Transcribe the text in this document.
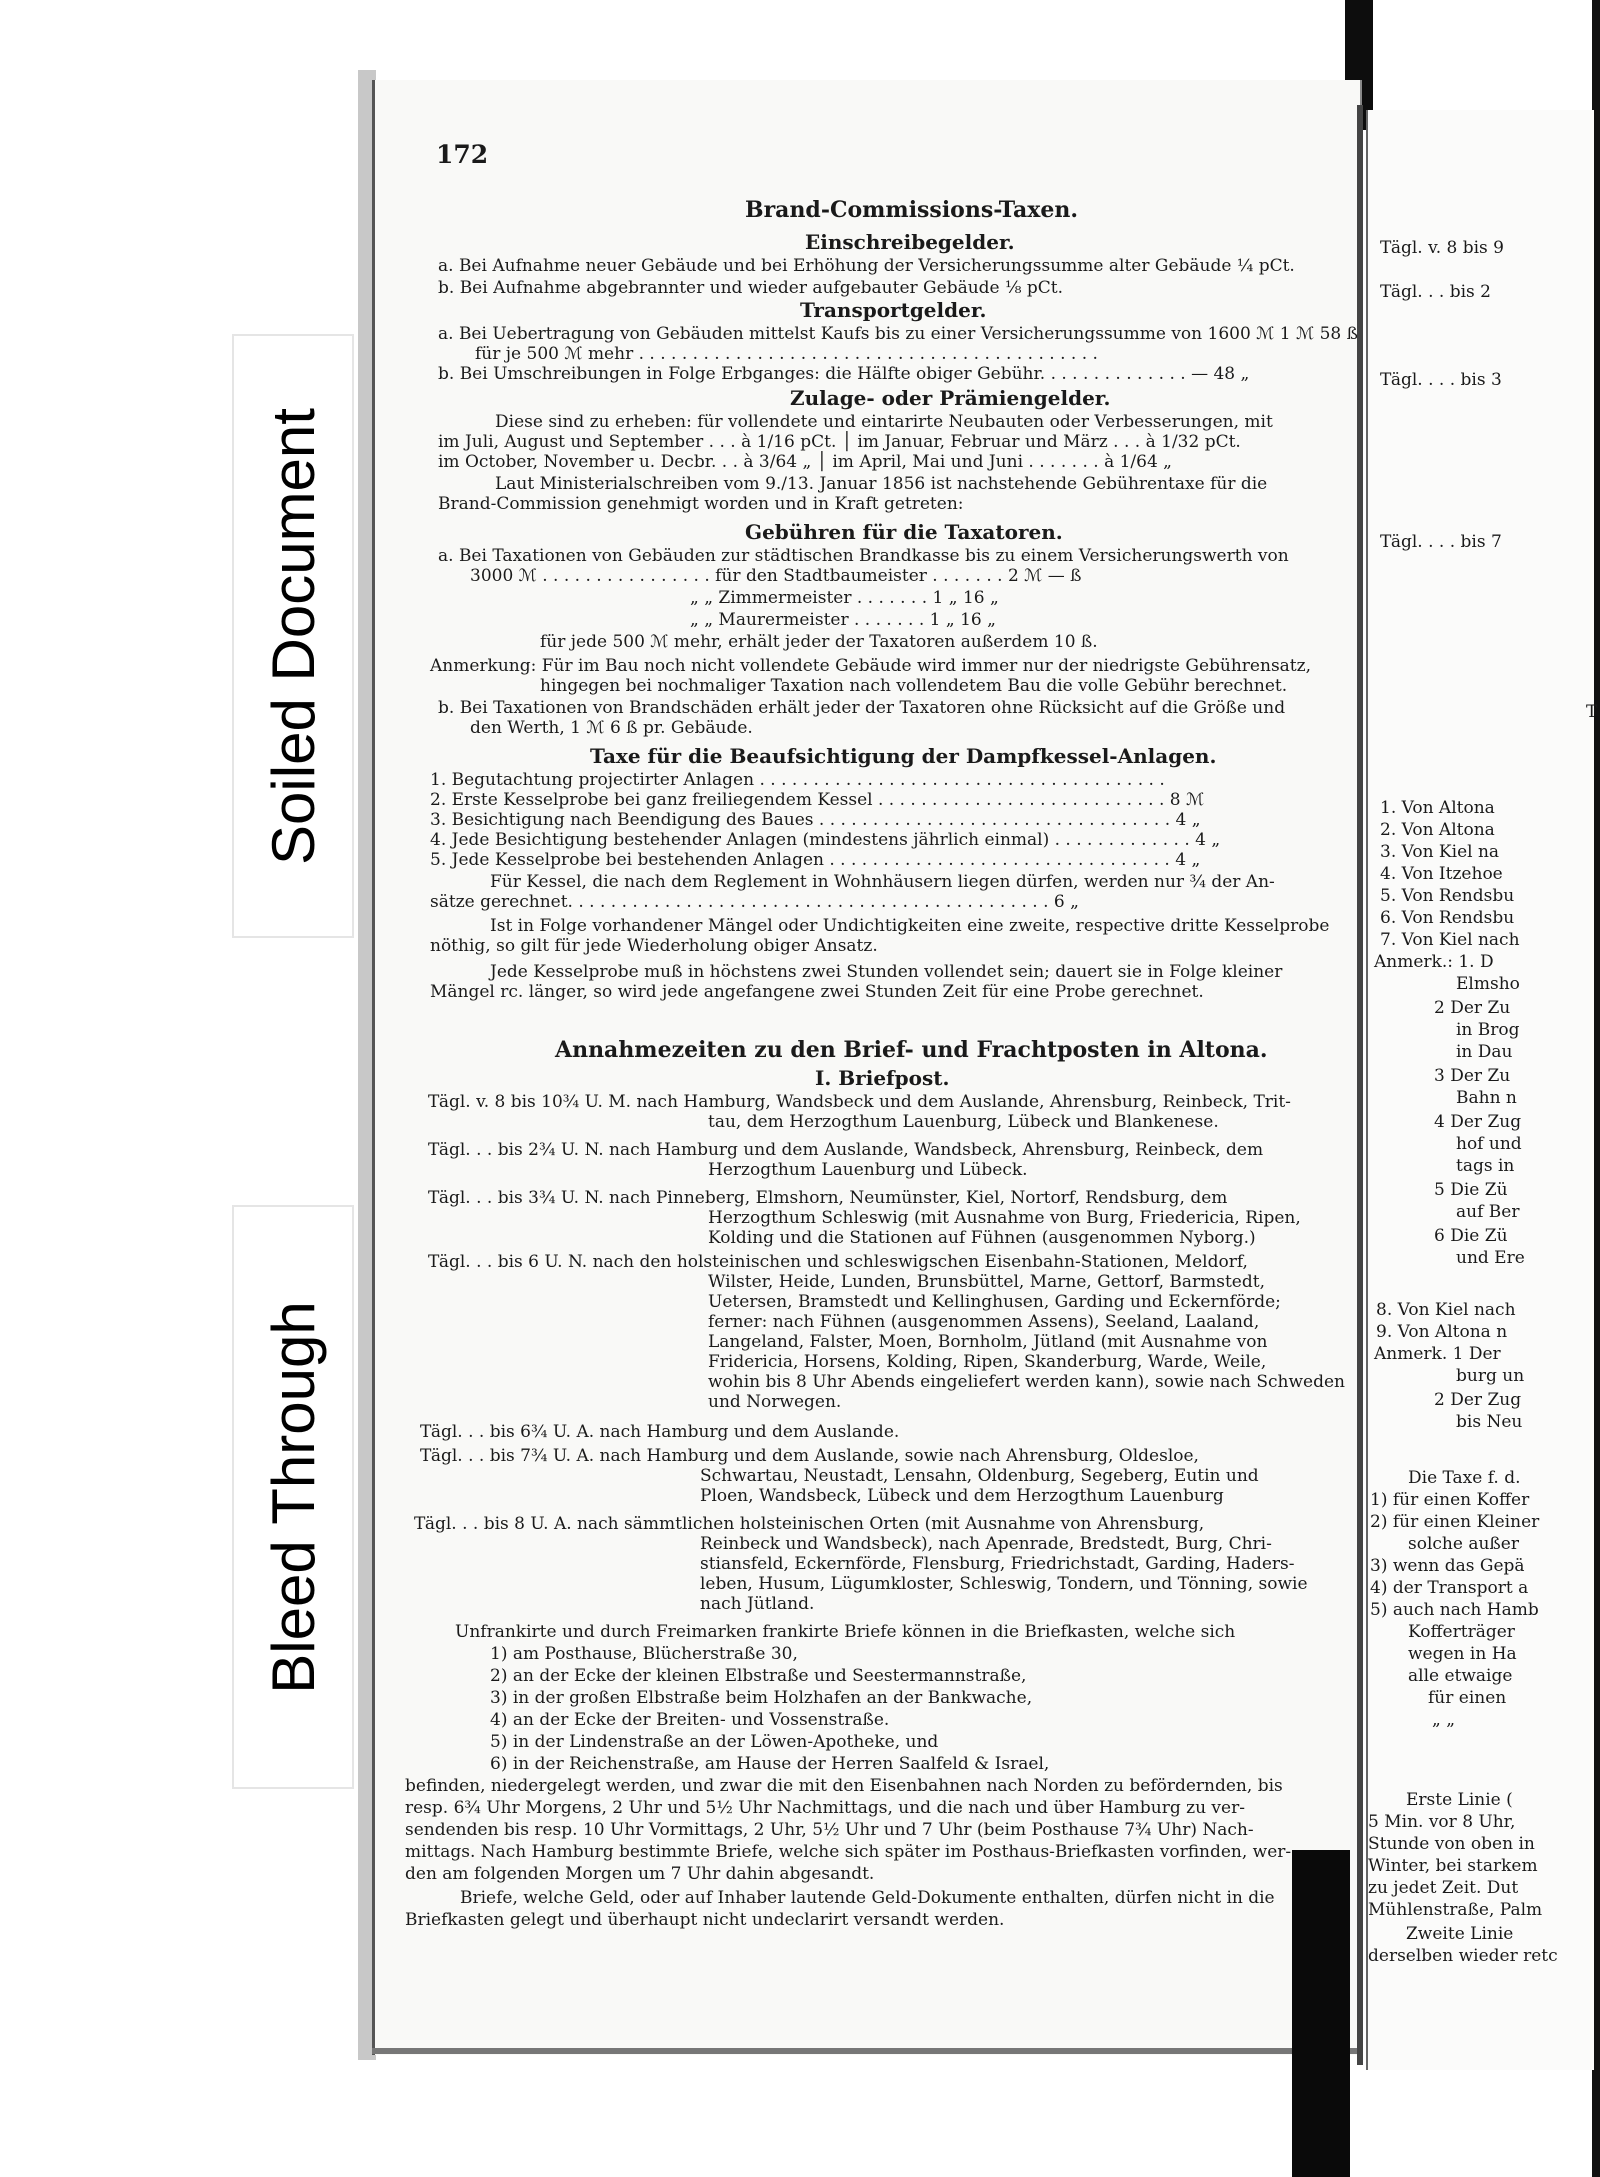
Soiled Document
Bleed Through
172
Brand-Commissions-Taxen.
Einschreibegelder.
a. Bei Aufnahme neuer Gebäude und bei Erhöhung der Versicherungssumme alter Gebäude ¼ pCt.
b. Bei Aufnahme abgebrannter und wieder aufgebauter Gebäude ⅛ pCt.
Transportgelder.
a. Bei Uebertragung von Gebäuden mittelst Kaufs bis zu einer Versicherungssumme von 1600 ℳ 1 ℳ 58 ß
für je 500 ℳ mehr . . . . . . . . . . . . . . . . . . . . . . . . . . . . . . . . . . . . . . . . . . .
b. Bei Umschreibungen in Folge Erbganges: die Hälfte obiger Gebühr. . . . . . . . . . . . . . — 48 „
Zulage- oder Prämiengelder.
Diese sind zu erheben: für vollendete und eintarirte Neubauten oder Verbesserungen, mit
im Juli, August und September . . . à 1/16 pCt. │ im Januar, Februar und März . . . à 1/32 pCt.
im October, November u. Decbr. . . à 3/64 „ │ im April, Mai und Juni . . . . . . . à 1/64 „
Laut Ministerialschreiben vom 9./13. Januar 1856 ist nachstehende Gebührentaxe für die
Brand-Commission genehmigt worden und in Kraft getreten:
Gebühren für die Taxatoren.
a. Bei Taxationen von Gebäuden zur städtischen Brandkasse bis zu einem Versicherungswerth von
3000 ℳ . . . . . . . . . . . . . . . . für den Stadtbaumeister . . . . . . . 2 ℳ — ß
„ „ Zimmermeister . . . . . . . 1 „ 16 „
„ „ Maurermeister . . . . . . . 1 „ 16 „
für jede 500 ℳ mehr, erhält jeder der Taxatoren außerdem 10 ß.
Anmerkung: Für im Bau noch nicht vollendete Gebäude wird immer nur der niedrigste Gebührensatz,
hingegen bei nochmaliger Taxation nach vollendetem Bau die volle Gebühr berechnet.
b. Bei Taxationen von Brandschäden erhält jeder der Taxatoren ohne Rücksicht auf die Größe und
den Werth, 1 ℳ 6 ß pr. Gebäude.
Taxe für die Beaufsichtigung der Dampfkessel-Anlagen.
1. Begutachtung projectirter Anlagen . . . . . . . . . . . . . . . . . . . . . . . . . . . . . . . . . . . . . .
2. Erste Kesselprobe bei ganz freiliegendem Kessel . . . . . . . . . . . . . . . . . . . . . . . . . . . 8 ℳ
3. Besichtigung nach Beendigung des Baues . . . . . . . . . . . . . . . . . . . . . . . . . . . . . . . . . 4 „
4. Jede Besichtigung bestehender Anlagen (mindestens jährlich einmal) . . . . . . . . . . . . . 4 „
5. Jede Kesselprobe bei bestehenden Anlagen . . . . . . . . . . . . . . . . . . . . . . . . . . . . . . . . 4 „
Für Kessel, die nach dem Reglement in Wohnhäusern liegen dürfen, werden nur ¾ der An-
sätze gerechnet. . . . . . . . . . . . . . . . . . . . . . . . . . . . . . . . . . . . . . . . . . . . . 6 „
Ist in Folge vorhandener Mängel oder Undichtigkeiten eine zweite, respective dritte Kesselprobe
nöthig, so gilt für jede Wiederholung obiger Ansatz.
Jede Kesselprobe muß in höchstens zwei Stunden vollendet sein; dauert sie in Folge kleiner
Mängel rc. länger, so wird jede angefangene zwei Stunden Zeit für eine Probe gerechnet.
Annahmezeiten zu den Brief- und Frachtposten in Altona.
I. Briefpost.
Tägl. v. 8 bis 10¾ U. M. nach Hamburg, Wandsbeck und dem Auslande, Ahrensburg, Reinbeck, Trit-
tau, dem Herzogthum Lauenburg, Lübeck und Blankenese.
Tägl. . . bis 2¾ U. N. nach Hamburg und dem Auslande, Wandsbeck, Ahrensburg, Reinbeck, dem
Herzogthum Lauenburg und Lübeck.
Tägl. . . bis 3¾ U. N. nach Pinneberg, Elmshorn, Neumünster, Kiel, Nortorf, Rendsburg, dem
Herzogthum Schleswig (mit Ausnahme von Burg, Friedericia, Ripen,
Kolding und die Stationen auf Fühnen (ausgenommen Nyborg.)
Tägl. . . bis 6 U. N. nach den holsteinischen und schleswigschen Eisenbahn-Stationen, Meldorf,
Wilster, Heide, Lunden, Brunsbüttel, Marne, Gettorf, Barmstedt,
Uetersen, Bramstedt und Kellinghusen, Garding und Eckernförde;
ferner: nach Fühnen (ausgenommen Assens), Seeland, Laaland,
Langeland, Falster, Moen, Bornholm, Jütland (mit Ausnahme von
Fridericia, Horsens, Kolding, Ripen, Skanderburg, Warde, Weile,
wohin bis 8 Uhr Abends eingeliefert werden kann), sowie nach Schweden
und Norwegen.
Tägl. . . bis 6¾ U. A. nach Hamburg und dem Auslande.
Tägl. . . bis 7¾ U. A. nach Hamburg und dem Auslande, sowie nach Ahrensburg, Oldesloe,
Schwartau, Neustadt, Lensahn, Oldenburg, Segeberg, Eutin und
Ploen, Wandsbeck, Lübeck und dem Herzogthum Lauenburg
Tägl. . . bis 8 U. A. nach sämmtlichen holsteinischen Orten (mit Ausnahme von Ahrensburg,
Reinbeck und Wandsbeck), nach Apenrade, Bredstedt, Burg, Chri-
stiansfeld, Eckernförde, Flensburg, Friedrichstadt, Garding, Haders-
leben, Husum, Lügumkloster, Schleswig, Tondern, und Tönning, sowie
nach Jütland.
Unfrankirte und durch Freimarken frankirte Briefe können in die Briefkasten, welche sich
1) am Posthause, Blücherstraße 30,
2) an der Ecke der kleinen Elbstraße und Seestermannstraße,
3) in der großen Elbstraße beim Holzhafen an der Bankwache,
4) an der Ecke der Breiten- und Vossenstraße.
5) in der Lindenstraße an der Löwen-Apotheke, und
6) in der Reichenstraße, am Hause der Herren Saalfeld & Israel,
befinden, niedergelegt werden, und zwar die mit den Eisenbahnen nach Norden zu befördernden, bis
resp. 6¾ Uhr Morgens, 2 Uhr und 5½ Uhr Nachmittags, und die nach und über Hamburg zu ver-
sendenden bis resp. 10 Uhr Vormittags, 2 Uhr, 5½ Uhr und 7 Uhr (beim Posthause 7¾ Uhr) Nach-
mittags. Nach Hamburg bestimmte Briefe, welche sich später im Posthaus-Briefkasten vorfinden, wer-
den am folgenden Morgen um 7 Uhr dahin abgesandt.
Briefe, welche Geld, oder auf Inhaber lautende Geld-Dokumente enthalten, dürfen nicht in die
Briefkasten gelegt und überhaupt nicht undeclarirt versandt werden.
Tägl. v. 8 bis 9
Tägl. . . bis 2
Tägl. . . . bis 3
Tägl. . . . bis 7
T
1. Von Altona
2. Von Altona
3. Von Kiel na
4. Von Itzehoe
5. Von Rendsbu
6. Von Rendsbu
7. Von Kiel nach
Anmerk.: 1. D
Elmsho
2 Der Zu
in Brog
in Dau
3 Der Zu
Bahn n
4 Der Zug
hof und
tags in
5 Die Zü
auf Ber
6 Die Zü
und Ere
8. Von Kiel nach
9. Von Altona n
Anmerk. 1 Der
burg un
2 Der Zug
bis Neu
Die Taxe f. d.
1) für einen Koffer
2) für einen Kleiner
solche außer
3) wenn das Gepä
4) der Transport a
5) auch nach Hamb
Kofferträger
wegen in Ha
alle etwaige
für einen
„ „
Erste Linie (
5 Min. vor 8 Uhr,
Stunde von oben in
Winter, bei starkem
zu jedet Zeit. Dut
Mühlenstraße, Palm
Zweite Linie
derselben wieder retc
